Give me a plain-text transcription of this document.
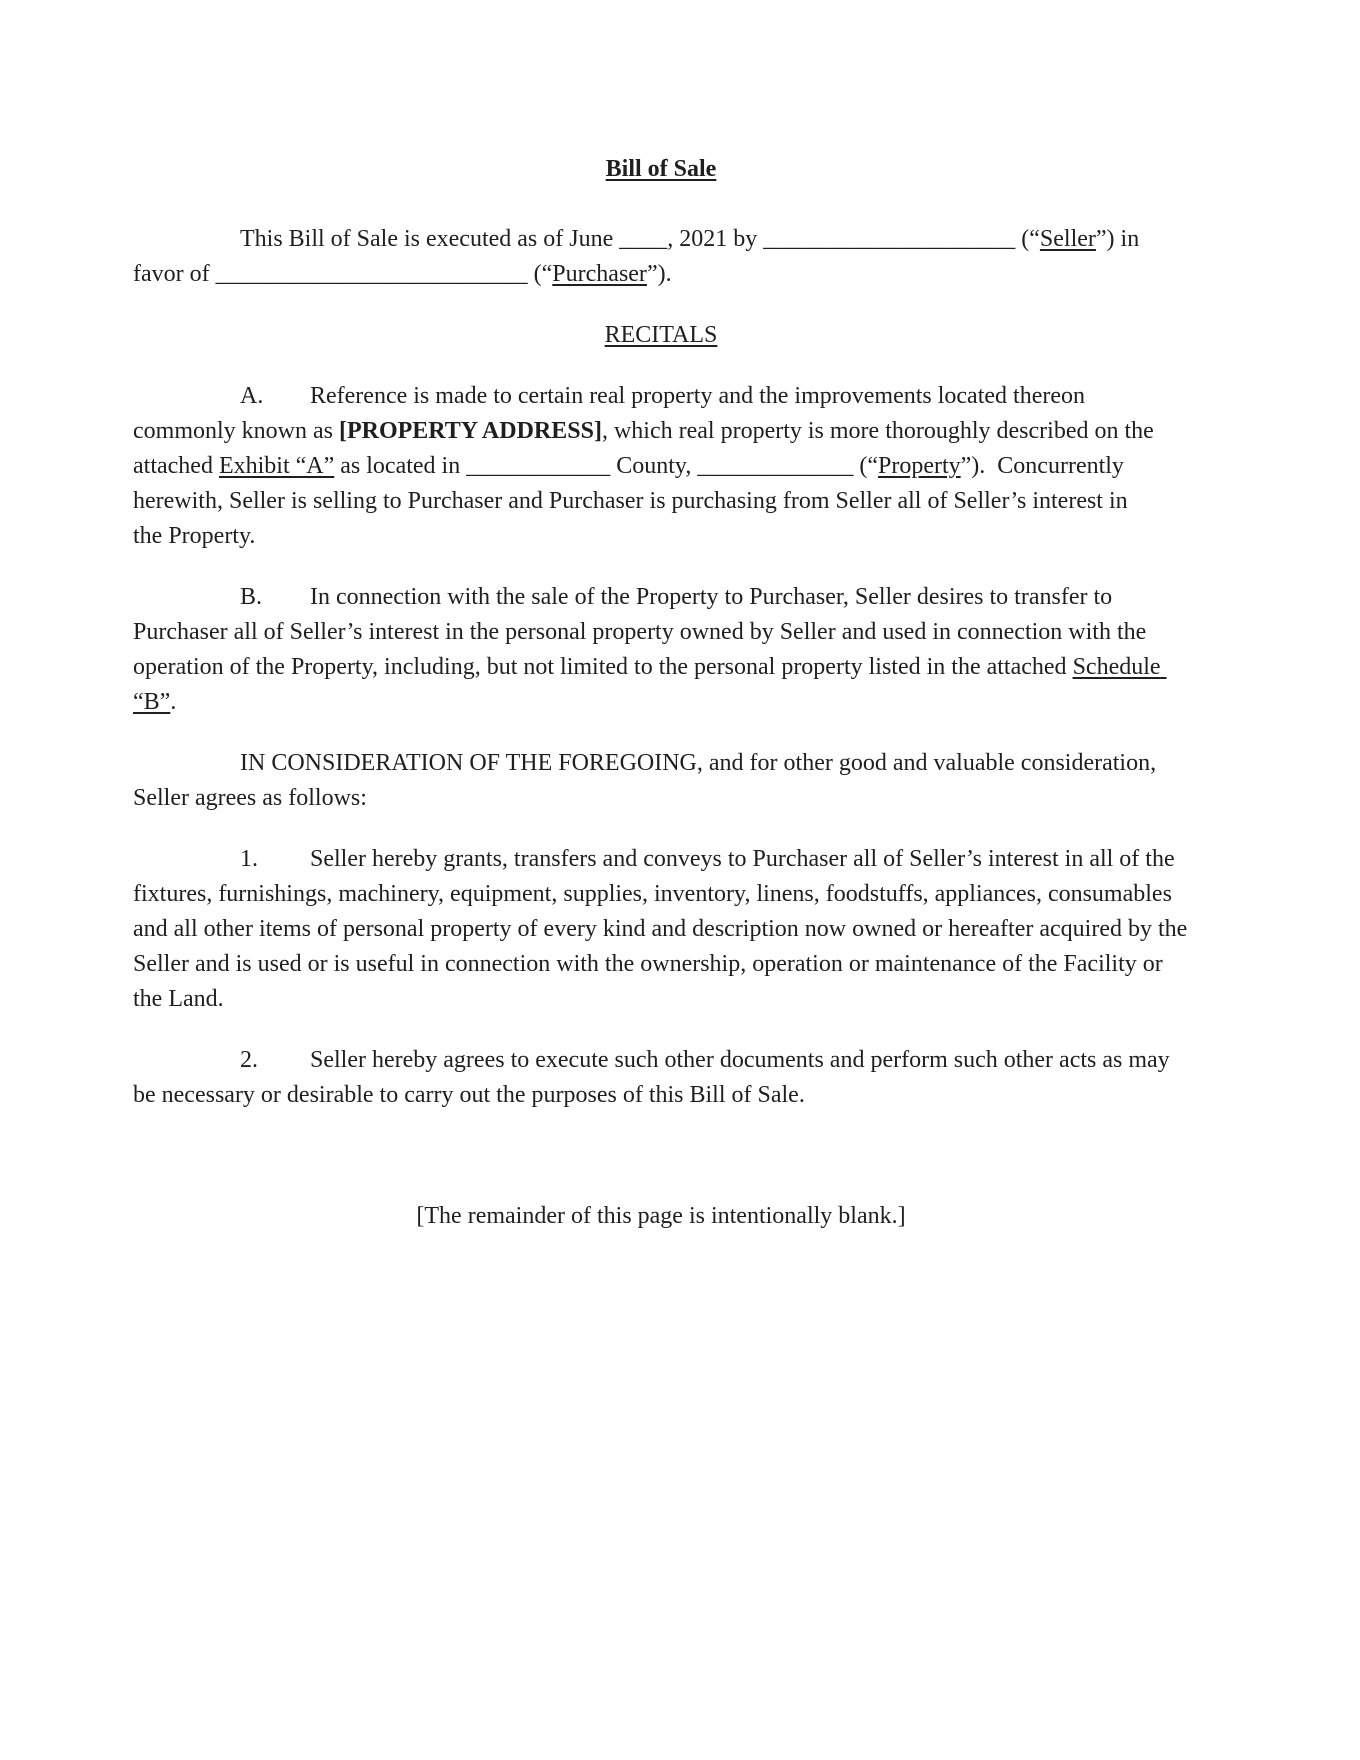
Bill of Sale

This Bill of Sale is executed as of June ____, 2021 by _____________________ (“Seller”) in favor of __________________________ (“Purchaser”).

RECITALS

A. Reference is made to certain real property and the improvements located thereon commonly known as [PROPERTY ADDRESS], which real property is more thoroughly described on the attached Exhibit “A” as located in ____________ County, _____________ (“Property”).  Concurrently herewith, Seller is selling to Purchaser and Purchaser is purchasing from Seller all of Seller’s interest in the Property.

B. In connection with the sale of the Property to Purchaser, Seller desires to transfer to Purchaser all of Seller’s interest in the personal property owned by Seller and used in connection with the operation of the Property, including, but not limited to the personal property listed in the attached Schedule “B”.

IN CONSIDERATION OF THE FOREGOING, and for other good and valuable consideration, Seller agrees as follows:

1. Seller hereby grants, transfers and conveys to Purchaser all of Seller’s interest in all of the fixtures, furnishings, machinery, equipment, supplies, inventory, linens, foodstuffs, appliances, consumables and all other items of personal property of every kind and description now owned or hereafter acquired by the Seller and is used or is useful in connection with the ownership, operation or maintenance of the Facility or the Land.

2. Seller hereby agrees to execute such other documents and perform such other acts as may be necessary or desirable to carry out the purposes of this Bill of Sale.

[The remainder of this page is intentionally blank.]
